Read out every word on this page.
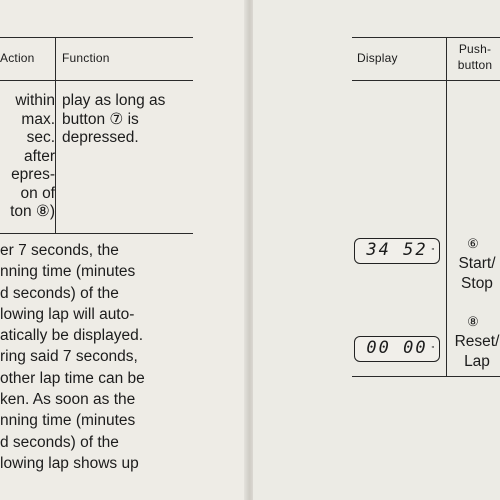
Action Function
within
max.
sec.
after
epres-
on of
ton ⑧)
play as long as
button ⑦ is
depressed.
er 7 seconds, the
nning time (minutes
d seconds) of the
lowing lap will auto-
atically be displayed.
ring said 7 seconds,
other lap time can be
ken. As soon as the
nning time (minutes
d seconds) of the
lowing lap shows up
Display
Push-
button
34 52 "	⑥
Start/
Stop
00 00 "
⑧
Reset/
Lap
